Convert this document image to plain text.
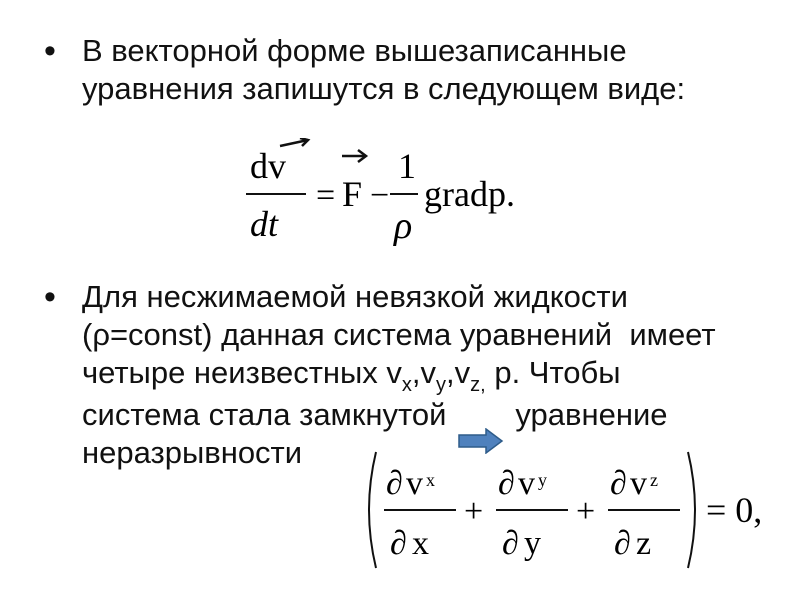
• В векторной форме вышезаписанные
уравнения запишутся в следующем виде:
dv
dt
= F −
1
ρ
gradp.
• Для несжимаемой невязкой жидкости
(ρ=const) данная система уравнений  имеет
четыре неизвестных $v_x,v_y,v_{z,}$ p. Чтобы
система стала замкнутой уравнение
неразрывности
∂ v x
∂ x
+
∂ v y
∂ y
+
∂ v z
∂ z
= 0,
